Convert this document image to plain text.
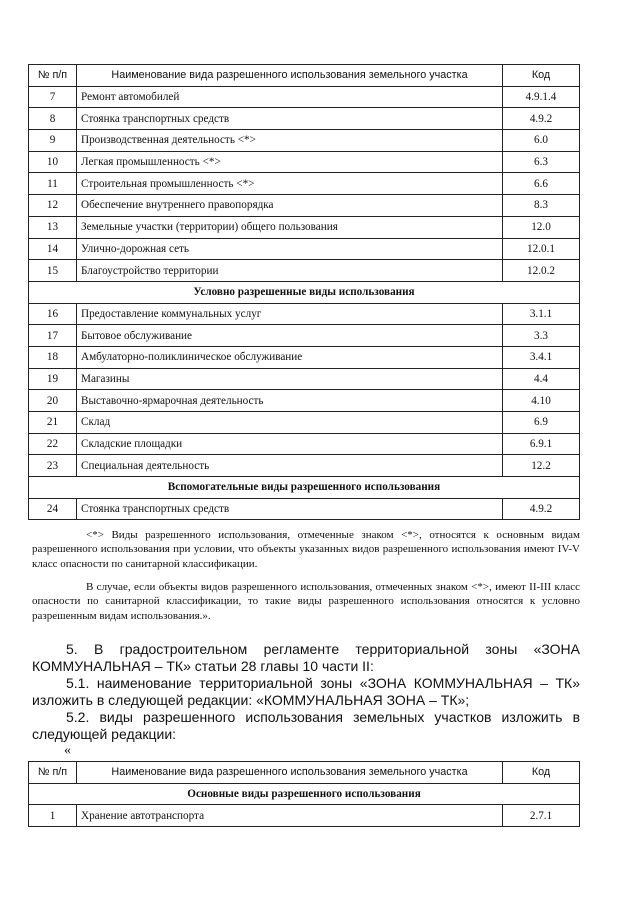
№ п/п	Наименование вида разрешенного использования земельного участка	Код
7	Ремонт автомобилей	4.9.1.4
8	Стоянка транспортных средств	4.9.2
9	Производственная деятельность <*>	6.0
10	Легкая промышленность <*>	6.3
11	Строительная промышленность <*>	6.6
12	Обеспечение внутреннего правопорядка	8.3
13	Земельные участки (территории) общего пользования	12.0
14	Улично-дорожная сеть	12.0.1
15	Благоустройство территории	12.0.2
Условно разрешенные виды использования		
16	Предоставление коммунальных услуг	3.1.1
17	Бытовое обслуживание	3.3
18	Амбулаторно-поликлиническое обслуживание	3.4.1
19	Магазины	4.4
20	Выставочно-ярмарочная деятельность	4.10
21	Склад	6.9
22	Складские площадки	6.9.1
23	Специальная деятельность	12.2
Вспомогательные виды разрешенного использования		
24	Стоянка транспортных средств	4.9.2

<*> Виды разрешенного использования, отмеченные знаком <*>, относятся к основным видам разрешенного использования при условии, что объекты указанных видов разрешенного использования имеют IV-V класс опасности по санитарной классификации.

В случае, если объекты видов разрешенного использования, отмеченных знаком <*>, имеют II-III класс опасности по санитарной классификации, то такие виды разрешенного использования относятся к условно разрешенным видам использования.».

5. В градостроительном регламенте территориальной зоны «ЗОНА КОММУНАЛЬНАЯ – ТК» статьи 28 главы 10 части II:

5.1. наименование территориальной зоны «ЗОНА КОММУНАЛЬНАЯ – ТК» изложить в следующей редакции: «КОММУНАЛЬНАЯ ЗОНА – ТК»;

5.2. виды разрешенного использования земельных участков изложить в следующей редакции:

«

№ п/п	Наименование вида разрешенного использования земельного участка	Код
Основные виды разрешенного использования		
1	Хранение автотранспорта	2.7.1
